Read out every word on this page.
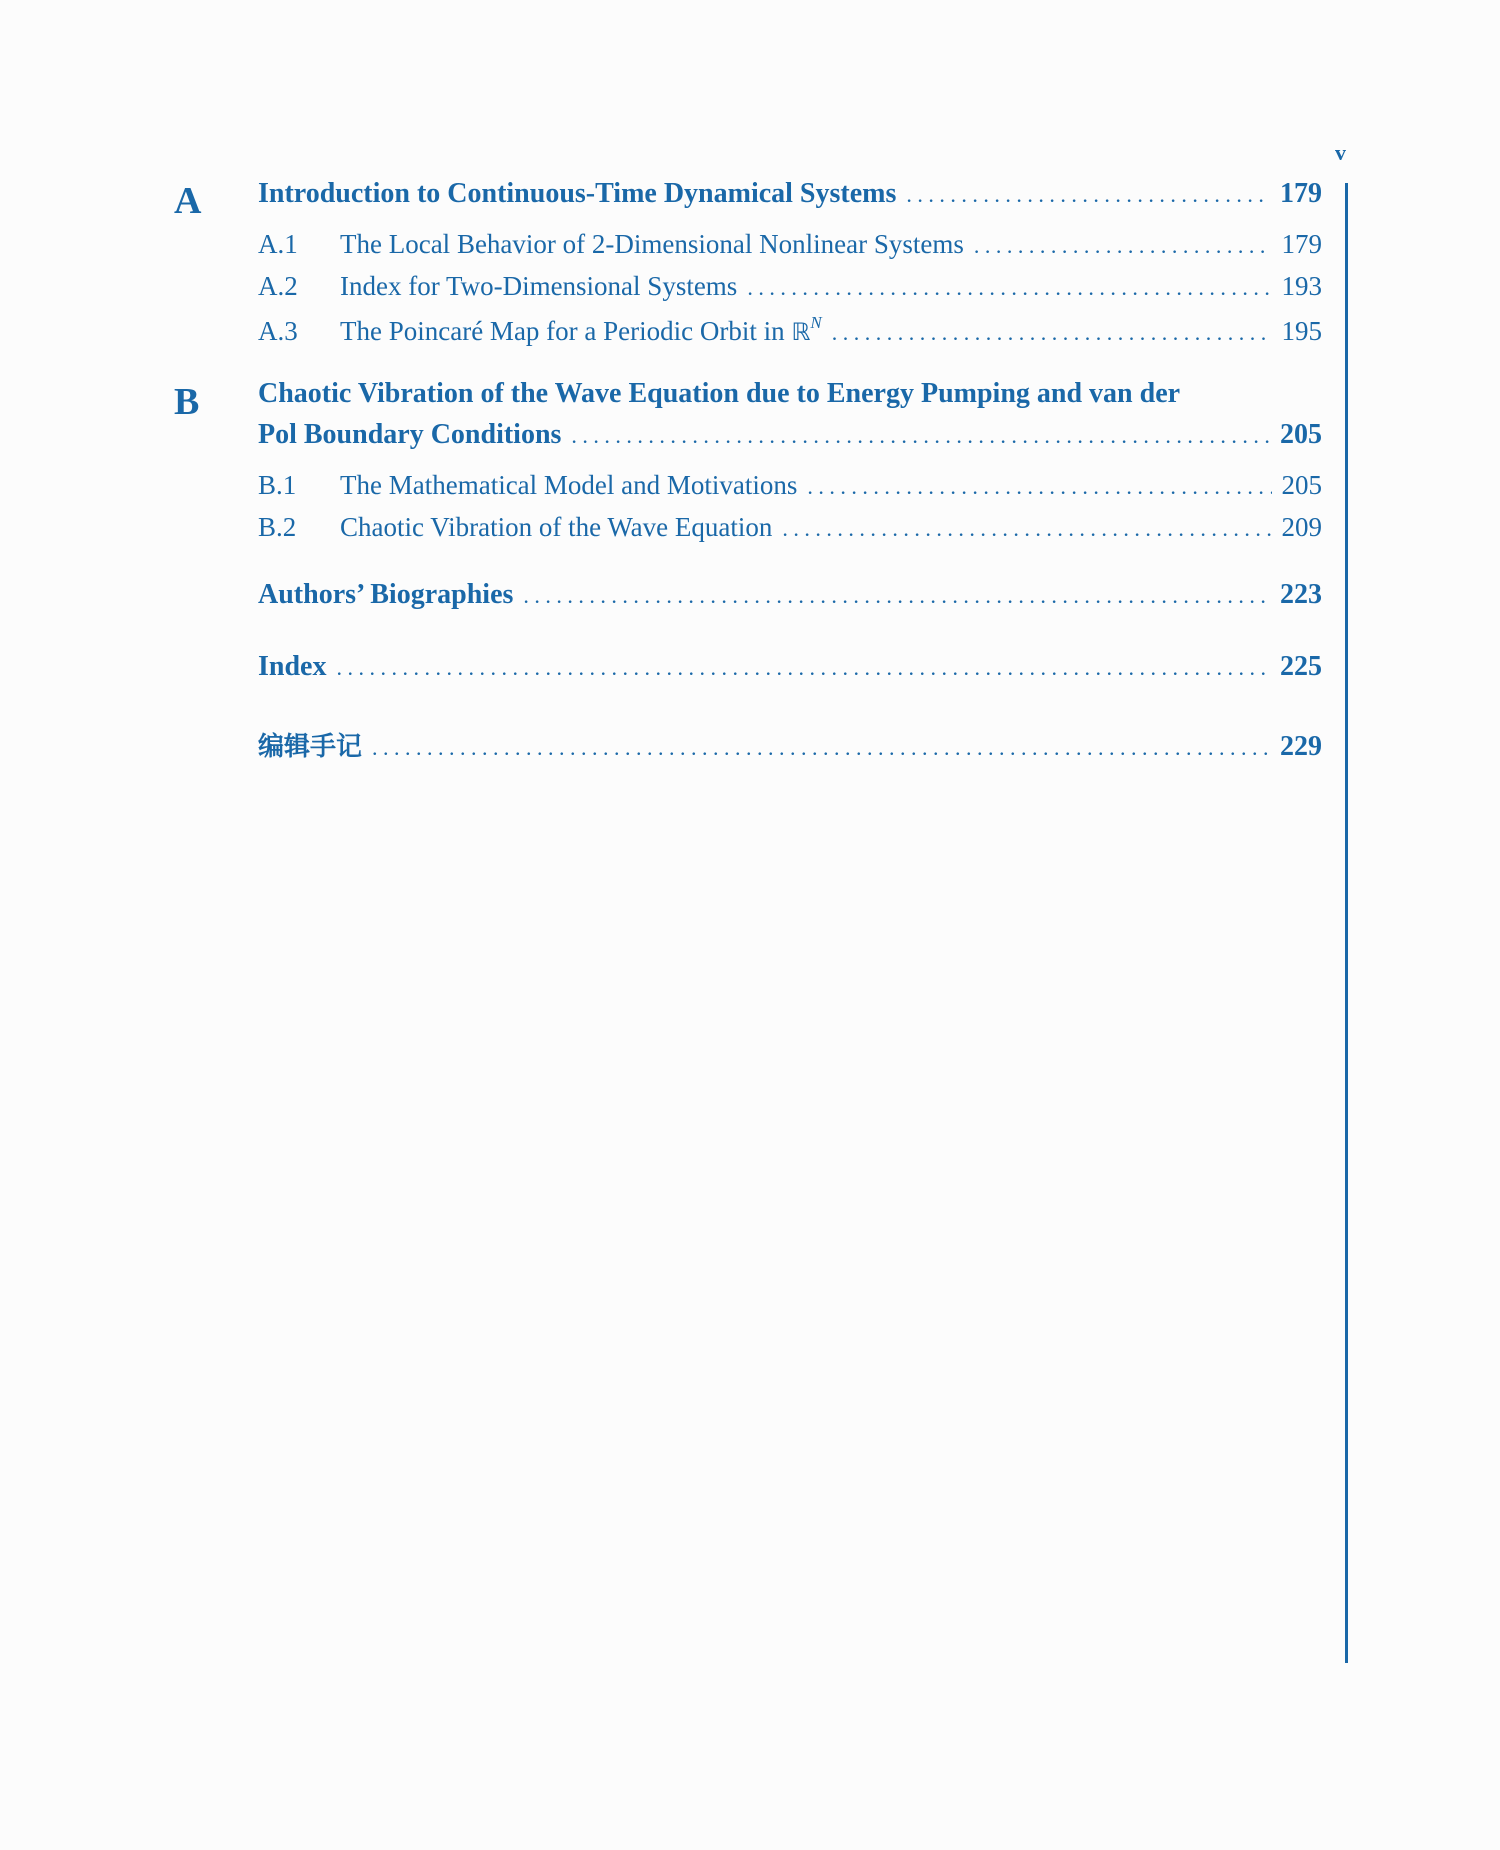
v
A Introduction to Continuous-Time Dynamical Systems . . .	179
A.1	The Local Behavior of 2-Dimensional Nonlinear Systems . . .	179
A.2	Index for Two-Dimensional Systems . . .	193
A.3	The Poincaré Map for a Periodic Orbit in ℝ$^N$ . . .	195
B Chaotic Vibration of the Wave Equation due to Energy Pumping and van der
Pol Boundary Conditions . . .	205
B.1	The Mathematical Model and Motivations . . .	205
B.2	Chaotic Vibration of the Wave Equation . . .	209
Authors’ Biographies . . .	223
Index . . .	225
编辑手记 . . .	229
